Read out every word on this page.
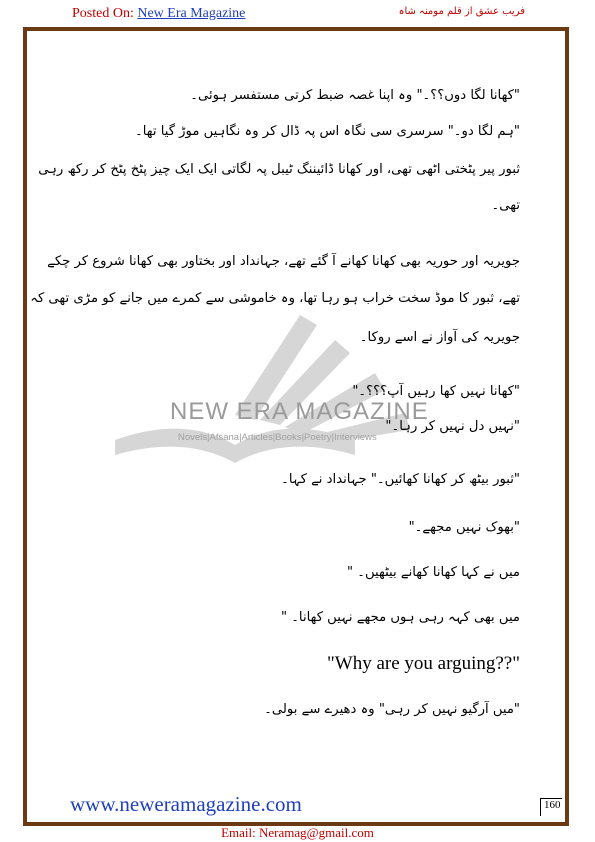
Posted On: New Era Magazine	فریب عشق از قلم مومنہ شاہ
NEW ERA MAGAZINE
Novels|Afsana|Articles|Books|Poetry|Interviews
"کھانا لگا دوں؟؟۔" وہ اپنا غصہ ضبط کرتی مستفسر ہوئی۔
"ہم لگا دو۔" سرسری سی نگاہ اس پہ ڈال کر وہ نگاہیں موڑ گیا تھا۔
ثبور پیر پٹختی اٹھی تھی، اور کھانا ڈائیننگ ٹیبل پہ لگاتی ایک ایک چیز پٹخ پٹخ کر رکھ رہی
تھی۔
جویریہ اور حوریہ بھی کھانا کھانے آ گئے تھے، جہانداد اور بختاور بھی کھانا شروع کر چکے
تھے، ثبور کا موڈ سخت خراب ہو رہا تھا، وہ خاموشی سے کمرے میں جانے کو مڑی تھی کہ
جویریہ کی آواز نے اسے روکا۔
"کھانا نہیں کھا رہیں آپ؟؟؟۔"
"نہیں دل نہیں کر رہا۔"
"ثبور بیٹھ کر کھانا کھائیں۔" جہانداد نے کہا۔
"بھوک نہیں مجھے۔"
میں نے کہا کھانا کھانے بیٹھیں۔ "
میں بھی کہہ رہی ہوں مجھے نہیں کھانا۔ "
"Why are you arguing??"
"میں آرگیو نہیں کر رہی" وہ دھیرے سے بولی۔
www.neweramagazine.com	160
Email: Neramag@gmail.com
